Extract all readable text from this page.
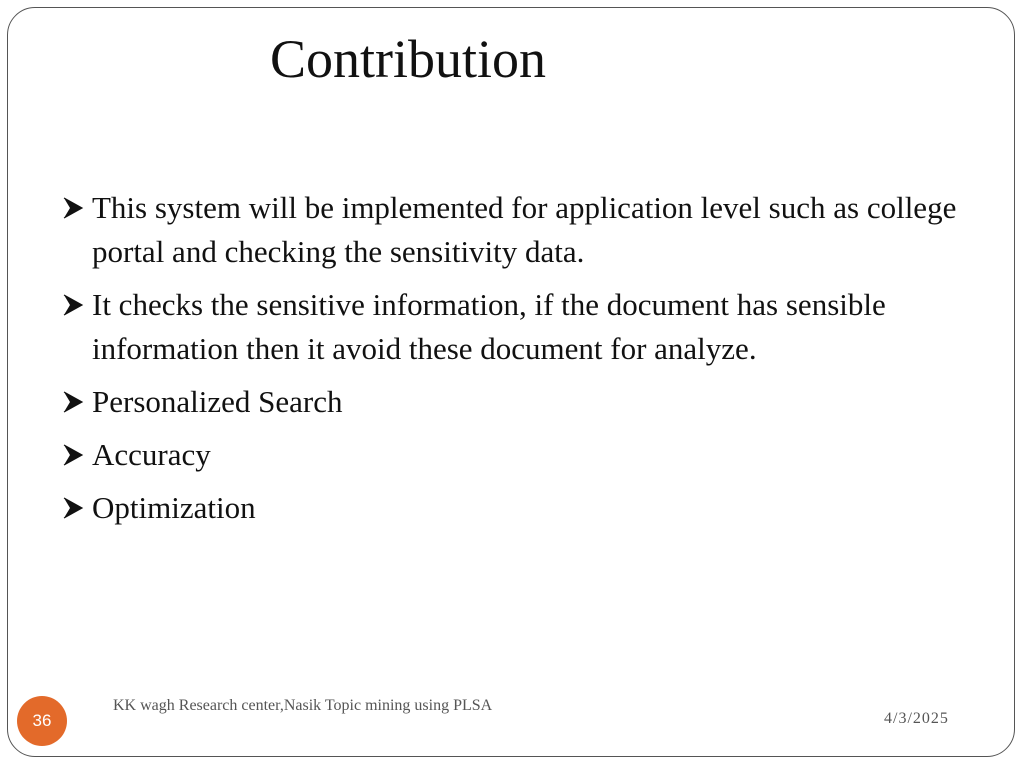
Contribution
This system will be implemented for application level such as college portal and checking the sensitivity data.
It checks the sensitive information, if the document has sensible information then it avoid these document for analyze.
Personalized Search
Accuracy
Optimization
36
KK wagh Research center,Nasik Topic mining using PLSA
4/3/2025
